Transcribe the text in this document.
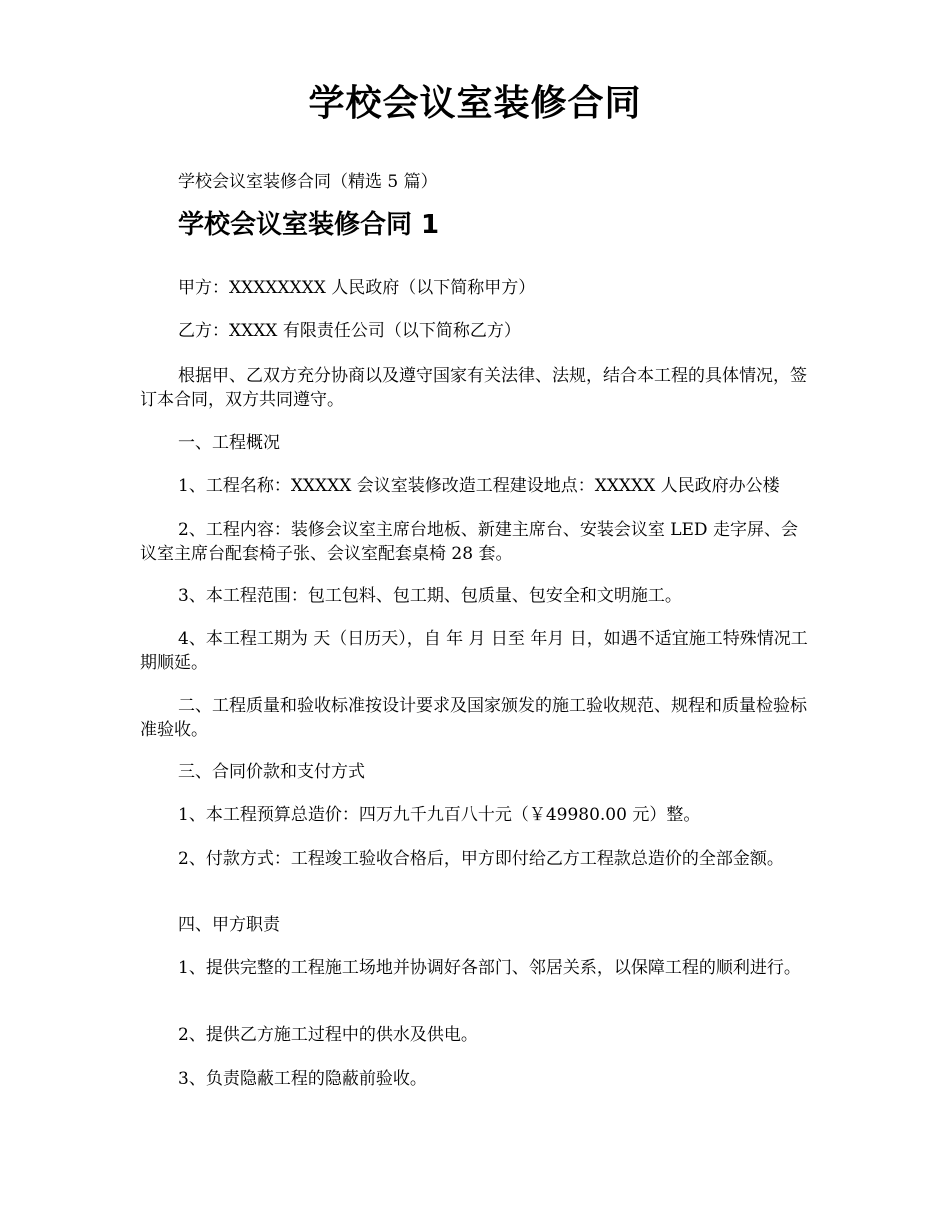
学校会议室装修合同
学校会议室装修合同（精选 5 篇）
学校会议室装修合同 1
甲方：XXXXXXXX 人民政府（以下简称甲方）
乙方：XXXX 有限责任公司（以下简称乙方）
根据甲、乙双方充分协商以及遵守国家有关法律、法规，结合本工程的具体情况，签订本合同，双方共同遵守。
一、工程概况
1、工程名称：XXXXX 会议室装修改造工程建设地点：XXXXX 人民政府办公楼
2、工程内容：装修会议室主席台地板、新建主席台、安装会议室 LED 走字屏、会议室主席台配套椅子张、会议室配套桌椅 28 套。
3、本工程范围：包工包料、包工期、包质量、包安全和文明施工。
4、本工程工期为 天（日历天），自 年 月 日至 年月 日，如遇不适宜施工特殊情况工期顺延。
二、工程质量和验收标准按设计要求及国家颁发的施工验收规范、规程和质量检验标准验收。
三、合同价款和支付方式
1、本工程预算总造价：四万九千九百八十元（￥49980.00 元）整。
2、付款方式：工程竣工验收合格后，甲方即付给乙方工程款总造价的全部金额。
四、甲方职责
1、提供完整的工程施工场地并协调好各部门、邻居关系，以保障工程的顺利进行。
2、提供乙方施工过程中的供水及供电。
3、负责隐蔽工程的隐蔽前验收。
